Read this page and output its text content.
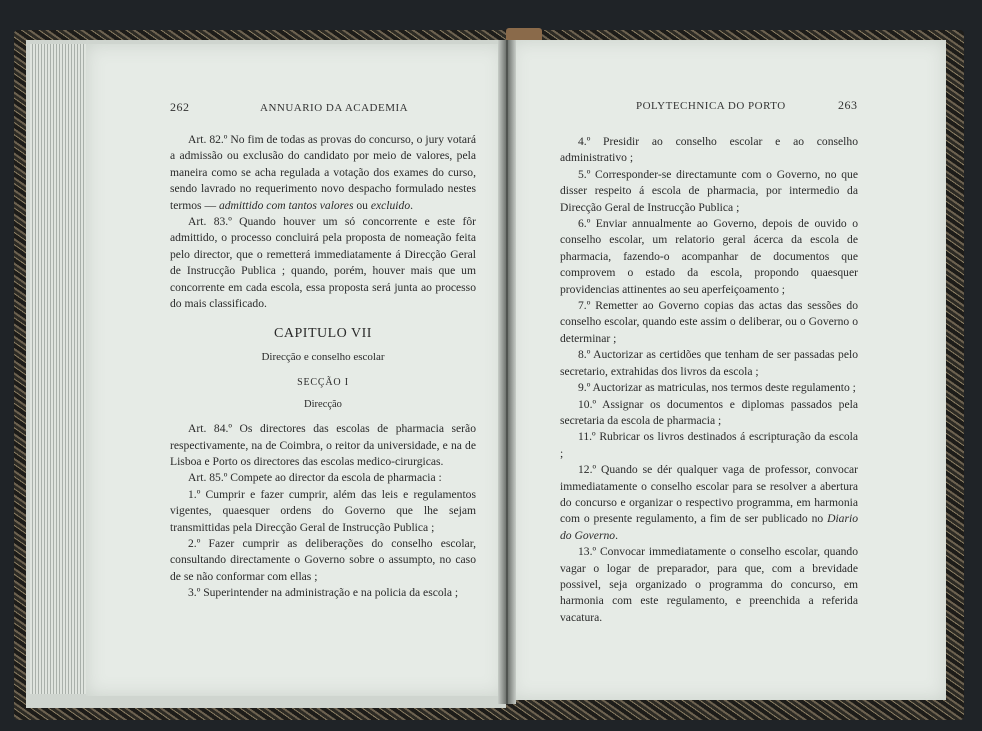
262	ANNUARIO DA ACADEMIA

Art. 82.º No fim de todas as provas do concurso, o jury votará a admissão ou exclusão do candidato por meio de valores, pela maneira como se acha regulada a votação dos exames do curso, sendo lavrado no requerimento novo despacho formulado nestes termos — admittido com tantos valores ou excluido.

Art. 83.º Quando houver um só concorrente e este fôr admittido, o processo concluirá pela proposta de nomeação feita pelo director, que o remetterá immediatamente á Direcção Geral de Instrucção Publica ; quando, porém, houver mais que um concorrente em cada escola, essa proposta será junta ao processo do mais classificado.

CAPITULO VII
Direcção e conselho escolar
SECÇÃO I
Direcção

Art. 84.º Os directores das escolas de pharmacia serão respectivamente, na de Coimbra, o reitor da universidade, e na de Lisboa e Porto os directores das escolas medico-cirurgicas.

Art. 85.º Compete ao director da escola de pharmacia :

1.º Cumprir e fazer cumprir, além das leis e regulamentos vigentes, quaesquer ordens do Governo que lhe sejam transmittidas pela Direcção Geral de Instrucção Publica ;

2.º Fazer cumprir as deliberações do conselho escolar, consultando directamente o Governo sobre o assumpto, no caso de se não conformar com ellas ;

3.º Superintender na administração e na policia da escola ;

POLYTECHNICA DO PORTO	263

4.º Presidir ao conselho escolar e ao conselho administrativo ;

5.º Corresponder-se directamunte com o Governo, no que disser respeito á escola de pharmacia, por intermedio da Direcção Geral de Instrucção Publica ;

6.º Enviar annualmente ao Governo, depois de ouvido o conselho escolar, um relatorio geral ácerca da escola de pharmacia, fazendo-o acompanhar de documentos que comprovem o estado da escola, propondo quaesquer providencias attinentes ao seu aperfeiçoamento ;

7.º Remetter ao Governo copias das actas das sessões do conselho escolar, quando este assim o deliberar, ou o Governo o determinar ;

8.º Auctorizar as certidões que tenham de ser passadas pelo secretario, extrahidas dos livros da escola ;

9.º Auctorizar as matriculas, nos termos deste regulamento ;

10.º Assignar os documentos e diplomas passados pela secretaria da escola de pharmacia ;

11.º Rubricar os livros destinados á escripturação da escola ;

12.º Quando se dér qualquer vaga de professor, convocar immediatamente o conselho escolar para se resolver a abertura do concurso e organizar o respectivo programma, em harmonia com o presente regulamento, a fim de ser publicado no Diario do Governo.

13.º Convocar immediatamente o conselho escolar, quando vagar o logar de preparador, para que, com a brevidade possivel, seja organizado o programma do concurso, em harmonia com este regulamento, e preenchida a referida vacatura.
